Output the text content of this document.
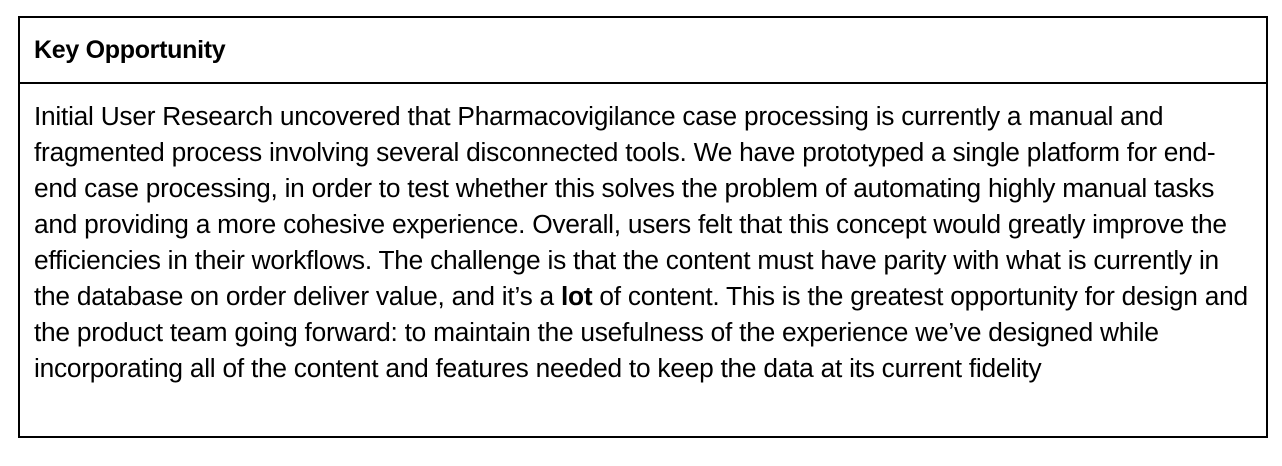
Key Opportunity

Initial User Research uncovered that Pharmacovigilance case processing is currently a manual and fragmented process involving several disconnected tools. We have prototyped a single platform for end-end case processing, in order to test whether this solves the problem of automating highly manual tasks and providing a more cohesive experience. Overall, users felt that this concept would greatly improve the efficiencies in their workflows. The challenge is that the content must have parity with what is currently in the database on order deliver value, and it’s a lot of content. This is the greatest opportunity for design and the product team going forward: to maintain the usefulness of the experience we’ve designed while incorporating all of the content and features needed to keep the data at its current fidelity
